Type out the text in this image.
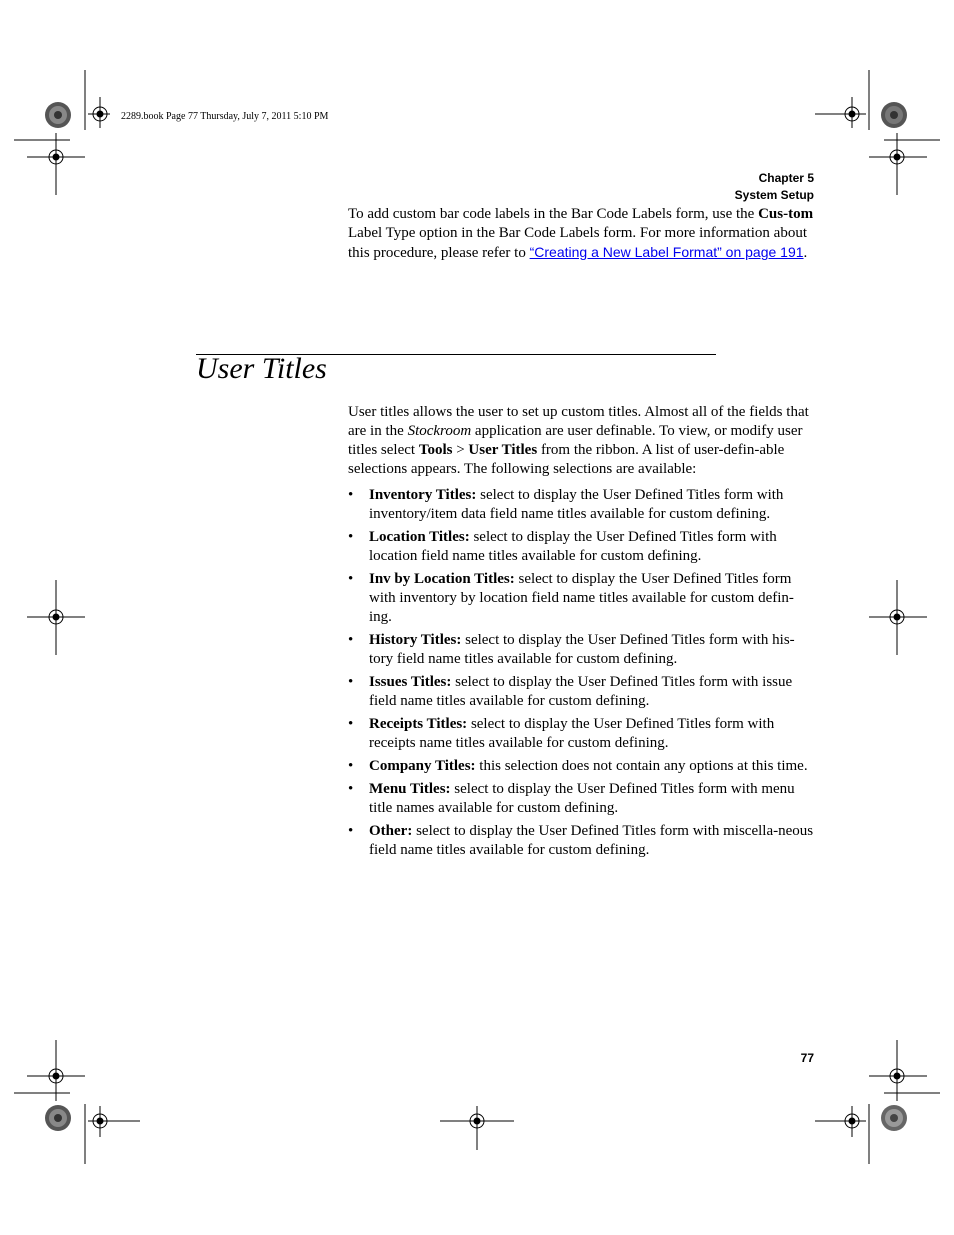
2289.book Page 77 Thursday, July 7, 2011 5:10 PM
Chapter 5
System Setup
To add custom bar code labels in the Bar Code Labels form, use the Cus-tom Label Type option in the Bar Code Labels form. For more information about this procedure, please refer to “Creating a New Label Format” on page 191.
User Titles
User titles allows the user to set up custom titles. Almost all of the fields that are in the Stockroom application are user definable. To view, or modify user titles select Tools > User Titles from the ribbon. A list of user-defin-able selections appears. The following selections are available:
• Inventory Titles: select to display the User Defined Titles form with inventory/item data field name titles available for custom defining.
• Location Titles: select to display the User Defined Titles form with location field name titles available for custom defining.
• Inv by Location Titles: select to display the User Defined Titles form with inventory by location field name titles available for custom defin-ing.
• History Titles: select to display the User Defined Titles form with his-tory field name titles available for custom defining.
• Issues Titles: select to display the User Defined Titles form with issue field name titles available for custom defining.
• Receipts Titles: select to display the User Defined Titles form with receipts name titles available for custom defining.
• Company Titles: this selection does not contain any options at this time.
• Menu Titles: select to display the User Defined Titles form with menu title names available for custom defining.
• Other: select to display the User Defined Titles form with miscella-neous field name titles available for custom defining.
77
